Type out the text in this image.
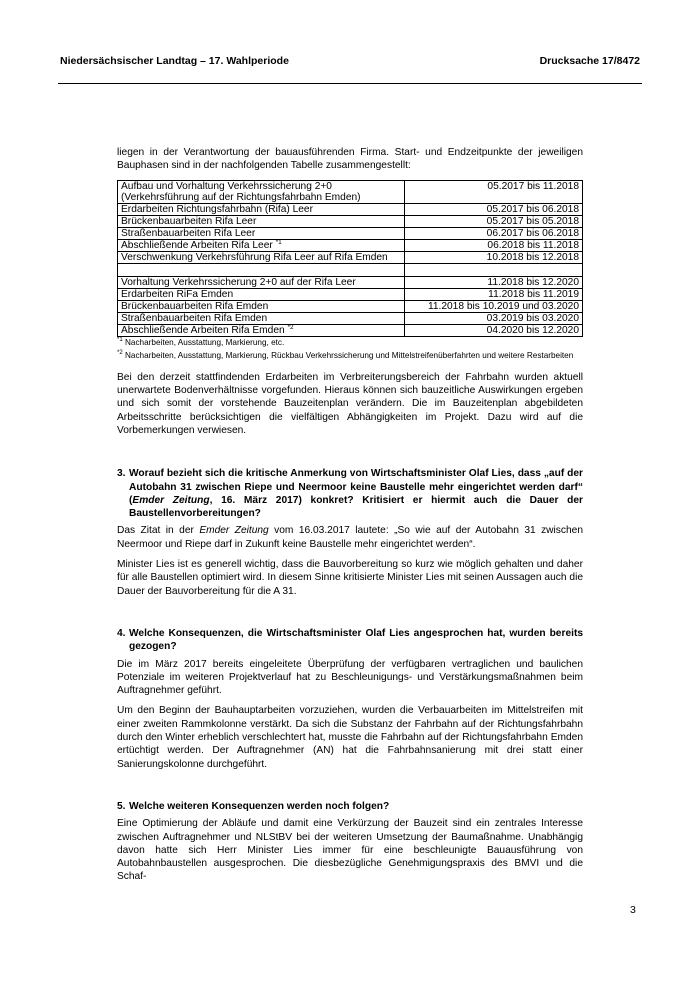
Niedersächsischer Landtag – 17. Wahlperiode	Drucksache 17/8472

liegen in der Verantwortung der bauausführenden Firma. Start- und Endzeitpunkte der jeweiligen Bauphasen sind in der nachfolgenden Tabelle zusammengestellt:

Aufbau und Vorhaltung Verkehrssicherung 2+0
(Verkehrsführung auf der Richtungsfahrbahn Emden)	05.2017 bis 11.2018
Erdarbeiten Richtungsfahrbahn (Rifa) Leer	05.2017 bis 06.2018
Brückenbauarbeiten Rifa Leer	05.2017 bis 05.2018
Straßenbauarbeiten Rifa Leer	06.2017 bis 06.2018
Abschließende Arbeiten Rifa Leer $^{*1}$	06.2018 bis 11.2018
Verschwenkung Verkehrsführung Rifa Leer auf Rifa Emden	10.2018 bis 12.2018

Vorhaltung Verkehrssicherung 2+0 auf der Rifa Leer	11.2018 bis 12.2020
Erdarbeiten RiFa Emden	11.2018 bis 11.2019
Brückenbauarbeiten Rifa Emden	11.2018 bis 10.2019 und 03.2020
Straßenbauarbeiten Rifa Emden	03.2019 bis 03.2020
Abschließende Arbeiten Rifa Emden $^{*2}$	04.2020 bis 12.2020
*1 Nacharbeiten, Ausstattung, Markierung, etc.

*2 Nacharbeiten, Ausstattung, Markierung, Rückbau Verkehrssicherung und Mittelstreifenüberfahrten und weitere Restarbeiten

Bei den derzeit stattfindenden Erdarbeiten im Verbreiterungsbereich der Fahrbahn wurden aktuell unerwartete Bodenverhältnisse vorgefunden. Hieraus können sich bauzeitliche Auswirkungen ergeben und sich somit der vorstehende Bauzeitenplan verändern. Die im Bauzeitenplan abgebildeten Arbeitsschritte berücksichtigen die vielfältigen Abhängigkeiten im Projekt. Dazu wird auf die Vorbemerkungen verwiesen.

3. Worauf bezieht sich die kritische Anmerkung von Wirtschaftsminister Olaf Lies, dass „auf der Autobahn 31 zwischen Riepe und Neermoor keine Baustelle mehr eingerichtet werden darf“ (Emder Zeitung, 16. März 2017) konkret? Kritisiert er hiermit auch die Dauer der Baustellenvorbereitungen?

Das Zitat in der Emder Zeitung vom 16.03.2017 lautete: „So wie auf der Autobahn 31 zwischen Neermoor und Riepe darf in Zukunft keine Baustelle mehr eingerichtet werden“.

Minister Lies ist es generell wichtig, dass die Bauvorbereitung so kurz wie möglich gehalten und daher für alle Baustellen optimiert wird. In diesem Sinne kritisierte Minister Lies mit seinen Aussagen auch die Dauer der Bauvorbereitung für die A 31.

4. Welche Konsequenzen, die Wirtschaftsminister Olaf Lies angesprochen hat, wurden bereits gezogen?

Die im März 2017 bereits eingeleitete Überprüfung der verfügbaren vertraglichen und baulichen Potenziale im weiteren Projektverlauf hat zu Beschleunigungs- und Verstärkungsmaßnahmen beim Auftragnehmer geführt.

Um den Beginn der Bauhauptarbeiten vorzuziehen, wurden die Verbauarbeiten im Mittelstreifen mit einer zweiten Rammkolonne verstärkt. Da sich die Substanz der Fahrbahn auf der Richtungsfahrbahn durch den Winter erheblich verschlechtert hat, musste die Fahrbahn auf der Richtungsfahrbahn Emden ertüchtigt werden. Der Auftragnehmer (AN) hat die Fahrbahnsanierung mit drei statt einer Sanierungskolonne durchgeführt.

5. Welche weiteren Konsequenzen werden noch folgen?

Eine Optimierung der Abläufe und damit eine Verkürzung der Bauzeit sind ein zentrales Interesse zwischen Auftragnehmer und NLStBV bei der weiteren Umsetzung der Baumaßnahme. Unabhängig davon hatte sich Herr Minister Lies immer für eine beschleunigte Bauausführung von Autobahnbaustellen ausgesprochen. Die diesbezügliche Genehmigungspraxis des BMVI und die Schaf-

3
